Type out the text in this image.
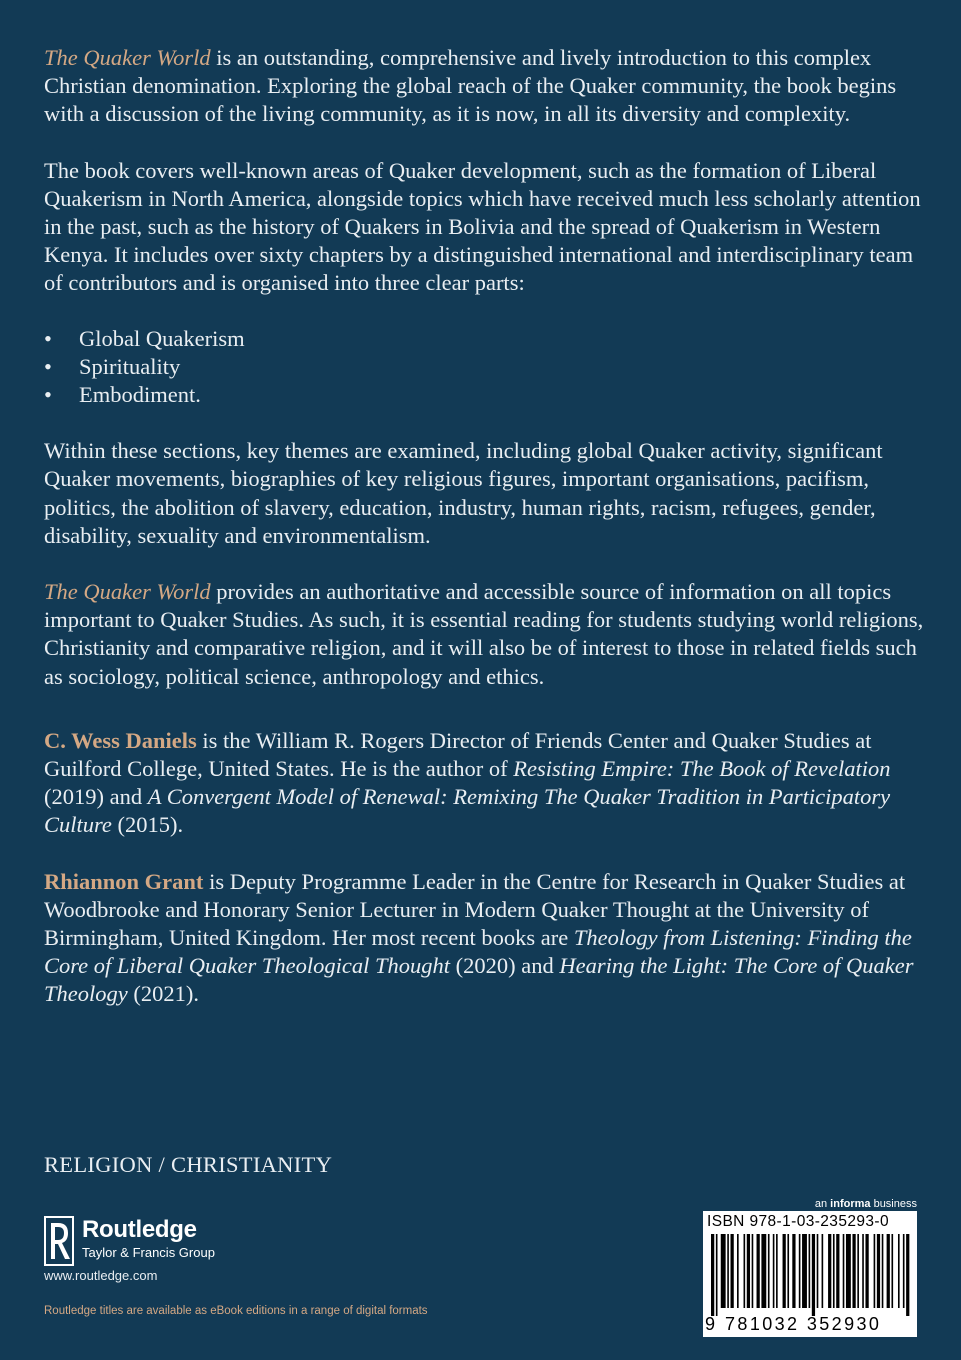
The Quaker World is an outstanding, comprehensive and lively introduction to this complex Christian denomination. Exploring the global reach of the Quaker community, the book begins with a discussion of the living community, as it is now, in all its diversity and complexity.

The book covers well-known areas of Quaker development, such as the formation of Liberal Quakerism in North America, alongside topics which have received much less scholarly attention in the past, such as the history of Quakers in Bolivia and the spread of Quakerism in Western Kenya. It includes over sixty chapters by a distinguished international and interdisciplinary team of contributors and is organised into three clear parts:

• Global Quakerism
• Spirituality
• Embodiment.

Within these sections, key themes are examined, including global Quaker activity, significant Quaker movements, biographies of key religious figures, important organisations, pacifism, politics, the abolition of slavery, education, industry, human rights, racism, refugees, gender, disability, sexuality and environmentalism.

The Quaker World provides an authoritative and accessible source of information on all topics important to Quaker Studies. As such, it is essential reading for students studying world religions, Christianity and comparative religion, and it will also be of interest to those in related fields such as sociology, political science, anthropology and ethics.

C. Wess Daniels is the William R. Rogers Director of Friends Center and Quaker Studies at Guilford College, United States. He is the author of Resisting Empire: The Book of Revelation (2019) and A Convergent Model of Renewal: Remixing The Quaker Tradition in Participatory Culture (2015).

Rhiannon Grant is Deputy Programme Leader in the Centre for Research in Quaker Studies at Woodbrooke and Honorary Senior Lecturer in Modern Quaker Thought at the University of Birmingham, United Kingdom. Her most recent books are Theology from Listening: Finding the Core of Liberal Quaker Theological Thought (2020) and Hearing the Light: The Core of Quaker Theology (2021).

RELIGION / CHRISTIANITY
Routledge
Taylor & Francis Group
www.routledge.com
Routledge titles are available as eBook editions in a range of digital formats
an informa business
ISBN 978-1-03-235293-0
9 781032 352930
